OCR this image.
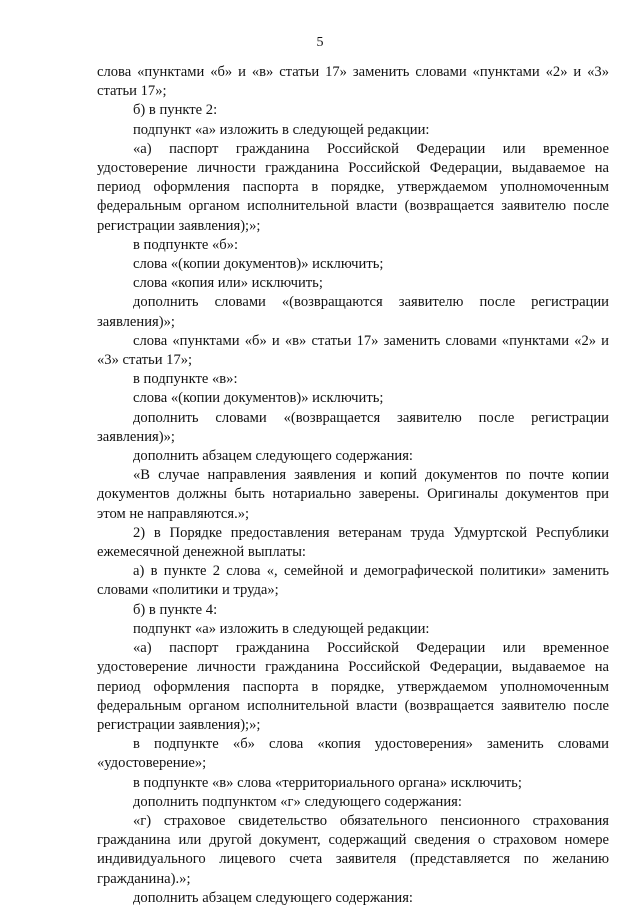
5

слова «пунктами «б» и «в» статьи 17» заменить словами «пунктами «2» и «3» статьи 17»;

б) в пункте 2:

подпункт «а» изложить в следующей редакции:

«а) паспорт гражданина Российской Федерации или временное удостоверение личности гражданина Российской Федерации, выдаваемое на период оформления паспорта в порядке, утверждаемом уполномоченным федеральным органом исполнительной власти (возвращается заявителю после регистрации заявления);»;

в подпункте «б»:

слова «(копии документов)» исключить;

слова «копия или» исключить;

дополнить словами «(возвращаются заявителю после регистрации заявления)»;

слова «пунктами «б» и «в» статьи 17» заменить словами «пунктами «2» и «3» статьи 17»;

в подпункте «в»:

слова «(копии документов)» исключить;

дополнить словами «(возвращается заявителю после регистрации заявления)»;

дополнить абзацем следующего содержания:

«В случае направления заявления и копий документов по почте копии документов должны быть нотариально заверены. Оригиналы документов при этом не направляются.»;

2) в Порядке предоставления ветеранам труда Удмуртской Республики ежемесячной денежной выплаты:

а) в пункте 2 слова «, семейной и демографической политики» заменить словами «политики и труда»;

б) в пункте 4:

подпункт «а» изложить в следующей редакции:

«а) паспорт гражданина Российской Федерации или временное удостоверение личности гражданина Российской Федерации, выдаваемое на период оформления паспорта в порядке, утверждаемом уполномоченным федеральным органом исполнительной власти (возвращается заявителю после регистрации заявления);»;

в подпункте «б» слова «копия удостоверения» заменить словами «удостоверение»;

в подпункте «в» слова «территориального органа» исключить;

дополнить подпунктом «г» следующего содержания:

«г) страховое свидетельство обязательного пенсионного страхования гражданина или другой документ, содержащий сведения о страховом номере индивидуального лицевого счета заявителя (представляется по желанию гражданина).»;

дополнить абзацем следующего содержания:
